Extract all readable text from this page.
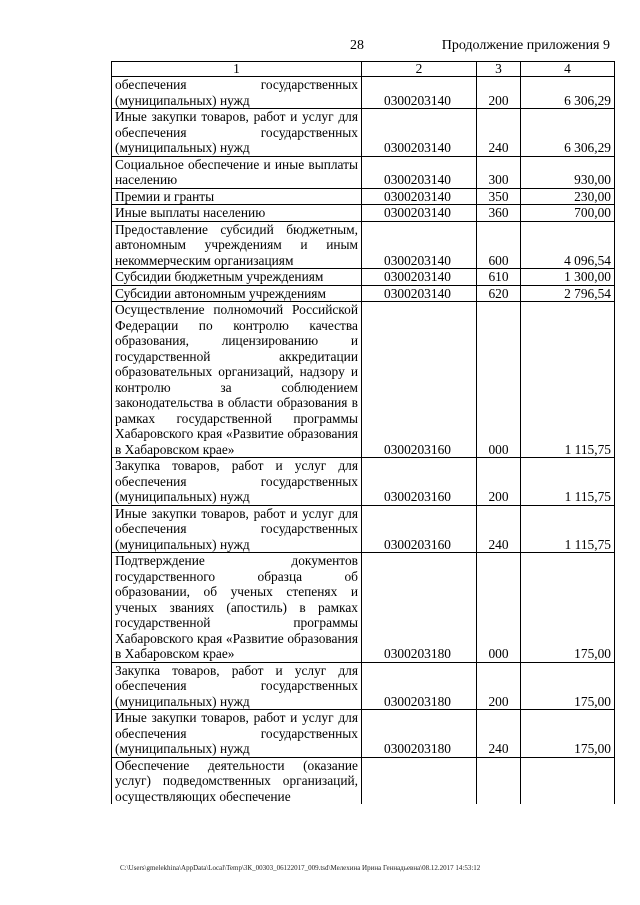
28	Продолжение приложения 9
1	2	3	4
обеспечения государственных (муниципальных) нужд	0300203140	200	6 306,29
Иные закупки товаров, работ и услуг для обеспечения государственных (муниципальных) нужд	0300203140	240	6 306,29
Социальное обеспечение и иные выплаты населению	0300203140	300	930,00
Премии и гранты	0300203140	350	230,00
Иные выплаты населению	0300203140	360	700,00
Предоставление субсидий бюджетным, автономным учреждениям и иным некоммерческим организациям	0300203140	600	4 096,54
Субсидии бюджетным учреждениям	0300203140	610	1 300,00
Субсидии автономным учреждениям	0300203140	620	2 796,54
Осуществление полномочий Российской Федерации по контролю качества образования, лицензированию и государственной аккредитации образовательных организаций, надзору и контролю за соблюдением законодательства в области образования в рамках государственной программы Хабаровского края «Развитие образования в Хабаровском крае»	0300203160	000	1 115,75
Закупка товаров, работ и услуг для обеспечения государственных (муниципальных) нужд	0300203160	200	1 115,75
Иные закупки товаров, работ и услуг для обеспечения государственных (муниципальных) нужд	0300203160	240	1 115,75
Подтверждение документов государственного образца об образовании, об ученых степенях и ученых званиях (апостиль) в рамках государственной программы Хабаровского края «Развитие образования в Хабаровском крае»	0300203180	000	175,00
Закупка товаров, работ и услуг для обеспечения государственных (муниципальных) нужд	0300203180	200	175,00
Иные закупки товаров, работ и услуг для обеспечения государственных (муниципальных) нужд	0300203180	240	175,00
Обеспечение деятельности (оказание услуг) подведомственных организаций, осуществляющих обеспечение			
C:\Users\gmelekhina\AppData\Local\Temp\3К_00303_06122017_009.tsd\Мелехина Ирина Геннадьевна\08.12.2017 14:53:12
